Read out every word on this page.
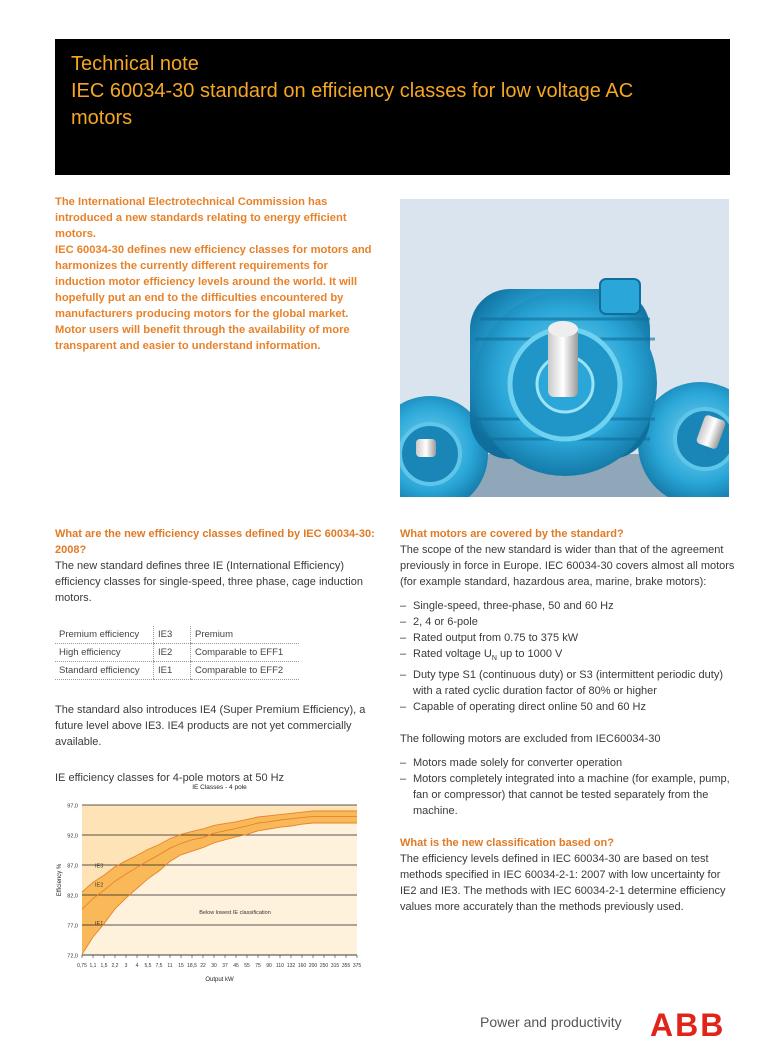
Technical note
IEC 60034-30 standard on efficiency classes for low voltage AC motors

The International Electrotechnical Commission has introduced a new standards relating to energy efficient motors.

IEC 60034-30 defines new efficiency classes for motors and harmonizes the currently different requirements for induction motor efficiency levels around the world. It will hopefully put an end to the difficulties encountered by manufacturers producing motors for the global market. Motor users will benefit through the availability of more transparent and easier to understand information.

What are the new efficiency classes defined by IEC 60034-30: 2008?

The new standard defines three IE (International Efficiency) efficiency classes for single-speed, three phase, cage induction motors.

Premium efficiency	IE3	Premium
High efficiency	IE2	Comparable to EFF1
Standard efficiency	IE1	Comparable to EFF2

The standard also introduces IE4 (Super Premium Efficiency), a future level above IE3. IE4 products are not yet commercially available.

IE efficiency classes for 4-pole motors at 50 Hz

97,0
92,0
87,0
82,0
77,0
72,0
0,75 1,1 1,5 2,2 3 4 5,5 7,5 11 15 18,5 22 30 37 45 55 75 90 110 132 160 200 250 315 355 375
IE3
IE2
IE1
IE Classes - 4 pole
Output kW
Efficiency %
Below lowest IE classification

What motors are covered by the standard?

The scope of the new standard is wider than that of the agreement previously in force in Europe. IEC 60034-30 covers almost all motors (for example standard, hazardous area, marine, brake motors):

– Single-speed, three-phase, 50 and 60 Hz
– 2, 4 or 6-pole
– Rated output from 0.75 to 375 kW
– Rated voltage $U_N$ up to 1000 V
– Duty type S1 (continuous duty) or S3 (intermittent periodic duty) with a rated cyclic duration factor of 80% or higher
– Capable of operating direct online 50 and 60 Hz

The following motors are excluded from IEC60034-30

– Motors made solely for converter operation
– Motors completely integrated into a machine (for example, pump, fan or compressor) that cannot be tested separately from the machine.

What is the new classification based on?

The efficiency levels defined in IEC 60034-30 are based on test methods specified in IEC 60034-2-1: 2007 with low uncertainty for IE2 and IE3. The methods with IEC 60034-2-1 determine efficiency values more accurately than the methods previously used.

Power and productivity ABB
